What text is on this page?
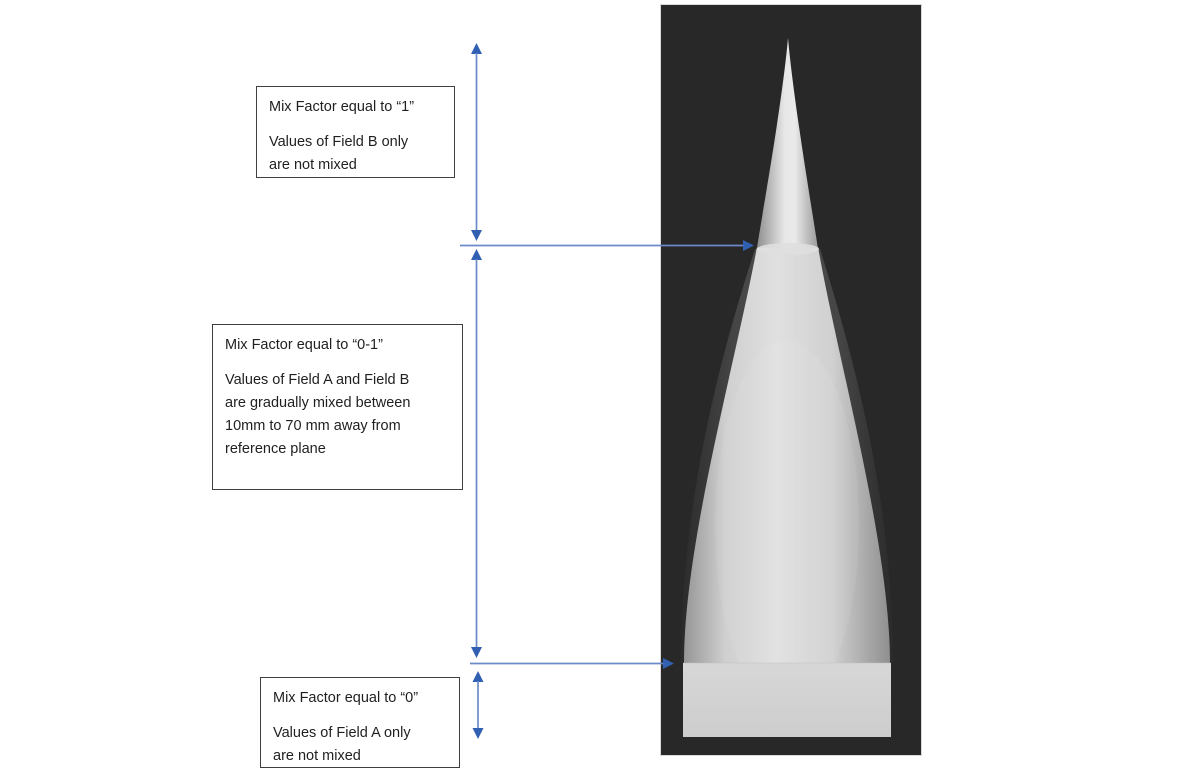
Mix Factor equal to “1”
Values of Field B only
are not mixed
Mix Factor equal to “0-1”
Values of Field A and Field B
are gradually mixed between
10mm to 70 mm away from
reference plane
Mix Factor equal to “0”
Values of Field A only
are not mixed
